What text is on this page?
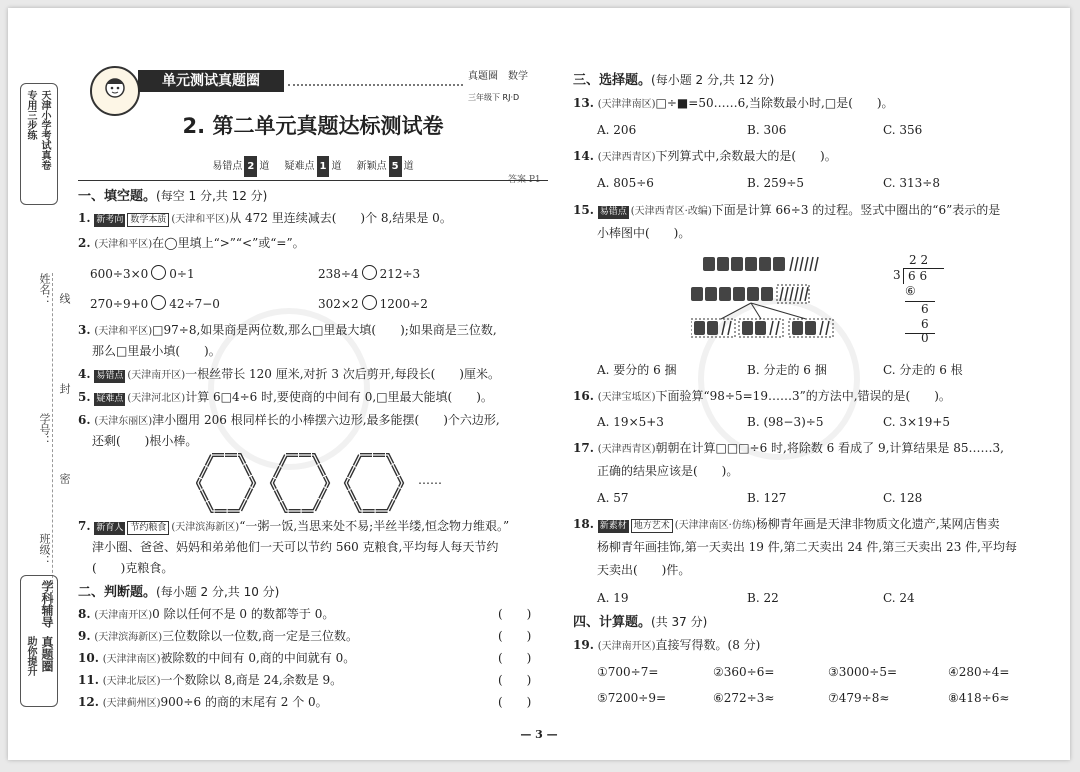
天津小学考试真卷
专用三步练
姓名：
学号：
班级：
线
封
密
学科辅导
真题圈
助你提升
单元测试真题圈	真题圈　 数学
三年级下 RJ·D
2. 第二单元真题达标测试卷
易错点 2 道 疑难点 1 道 新颖点 5 道
答案 P1
一、填空题。(每空 1 分,共 12 分)
1. 新考向 数学本质 (天津和平区)从 472 里连续减去(　　)个 8,结果是 0。
2. (天津和平区)在◯里填上“>”“<”或“=”。
600÷3×0 0÷1	238÷4 212÷3
270÷9+0 42÷7−0	302×2 1200÷2
3. (天津和平区)□97÷8,如果商是两位数,那么□里最大填(　　);如果商是三位数,
那么□里最小填(　　)。
4. 易错点 (天津南开区)一根丝带长 120 厘米,对折 3 次后剪开,每段长(　　)厘米。
5. 疑难点 (天津河北区)计算 6□4÷6 时,要使商的中间有 0,□里最大能填(　　)。
6. (天津东丽区)津小圈用 206 根同样长的小棒摆六边形,最多能摆(　　)个六边形,
还剩(　　)根小棒。
……
7. 新育人 节约粮食 (天津滨海新区)“一粥一饭,当思来处不易;半丝半缕,恒念物力维艰。”
津小圈、爸爸、妈妈和弟弟他们一天可以节约 560 克粮食,平均每人每天节约
(　　)克粮食。
二、判断题。(每小题 2 分,共 10 分)
8. (天津南开区)0 除以任何不是 0 的数都等于 0。	(　　)
9. (天津滨海新区)三位数除以一位数,商一定是三位数。	(　　)
10. (天津津南区)被除数的中间有 0,商的中间就有 0。	(　　)
11. (天津北辰区)一个数除以 8,商是 24,余数是 9。	(　　)
12. (天津蓟州区)900÷6 的商的末尾有 2 个 0。	(　　)
三、选择题。(每小题 2 分,共 12 分)
13. (天津津南区)□÷■=50……6,当除数最小时,□是(　　)。
A. 206	B. 306	C. 356
14. (天津西青区)下列算式中,余数最大的是(　　)。
A. 805÷6	B. 259÷5	C. 313÷8
15. 易错点 (天津西青区·改编)下面是计算 66÷3 的过程。竖式中圈出的“6”表示的是
小棒图中(　　)。
2 2
3 6 6
⑥
6
6
0
A. 要分的 6 捆	B. 分走的 6 捆	C. 分走的 6 根
16. (天津宝坻区)下面验算“98÷5=19……3”的方法中,错误的是(　　)。
A. 19×5+3	B. (98−3)÷5	C. 3×19+5
17. (天津西青区)朝朝在计算□□□÷6 时,将除数 6 看成了 9,计算结果是 85……3,
正确的结果应该是(　　)。
A. 57	B. 127	C. 128
18. 新素材 地方艺术 (天津津南区·仿练)杨柳青年画是天津非物质文化遗产,某网店售卖
杨柳青年画挂饰,第一天卖出 19 件,第二天卖出 24 件,第三天卖出 23 件,平均每
天卖出(　　)件。
A. 19	B. 22	C. 24
四、计算题。(共 37 分)
19. (天津南开区)直接写得数。(8 分)
①700÷7=	②360÷6=	③3000÷5=	④280÷4=
⑤7200÷9=	⑥272÷3≈	⑦479÷8≈	⑧418÷6≈
— 3 —
